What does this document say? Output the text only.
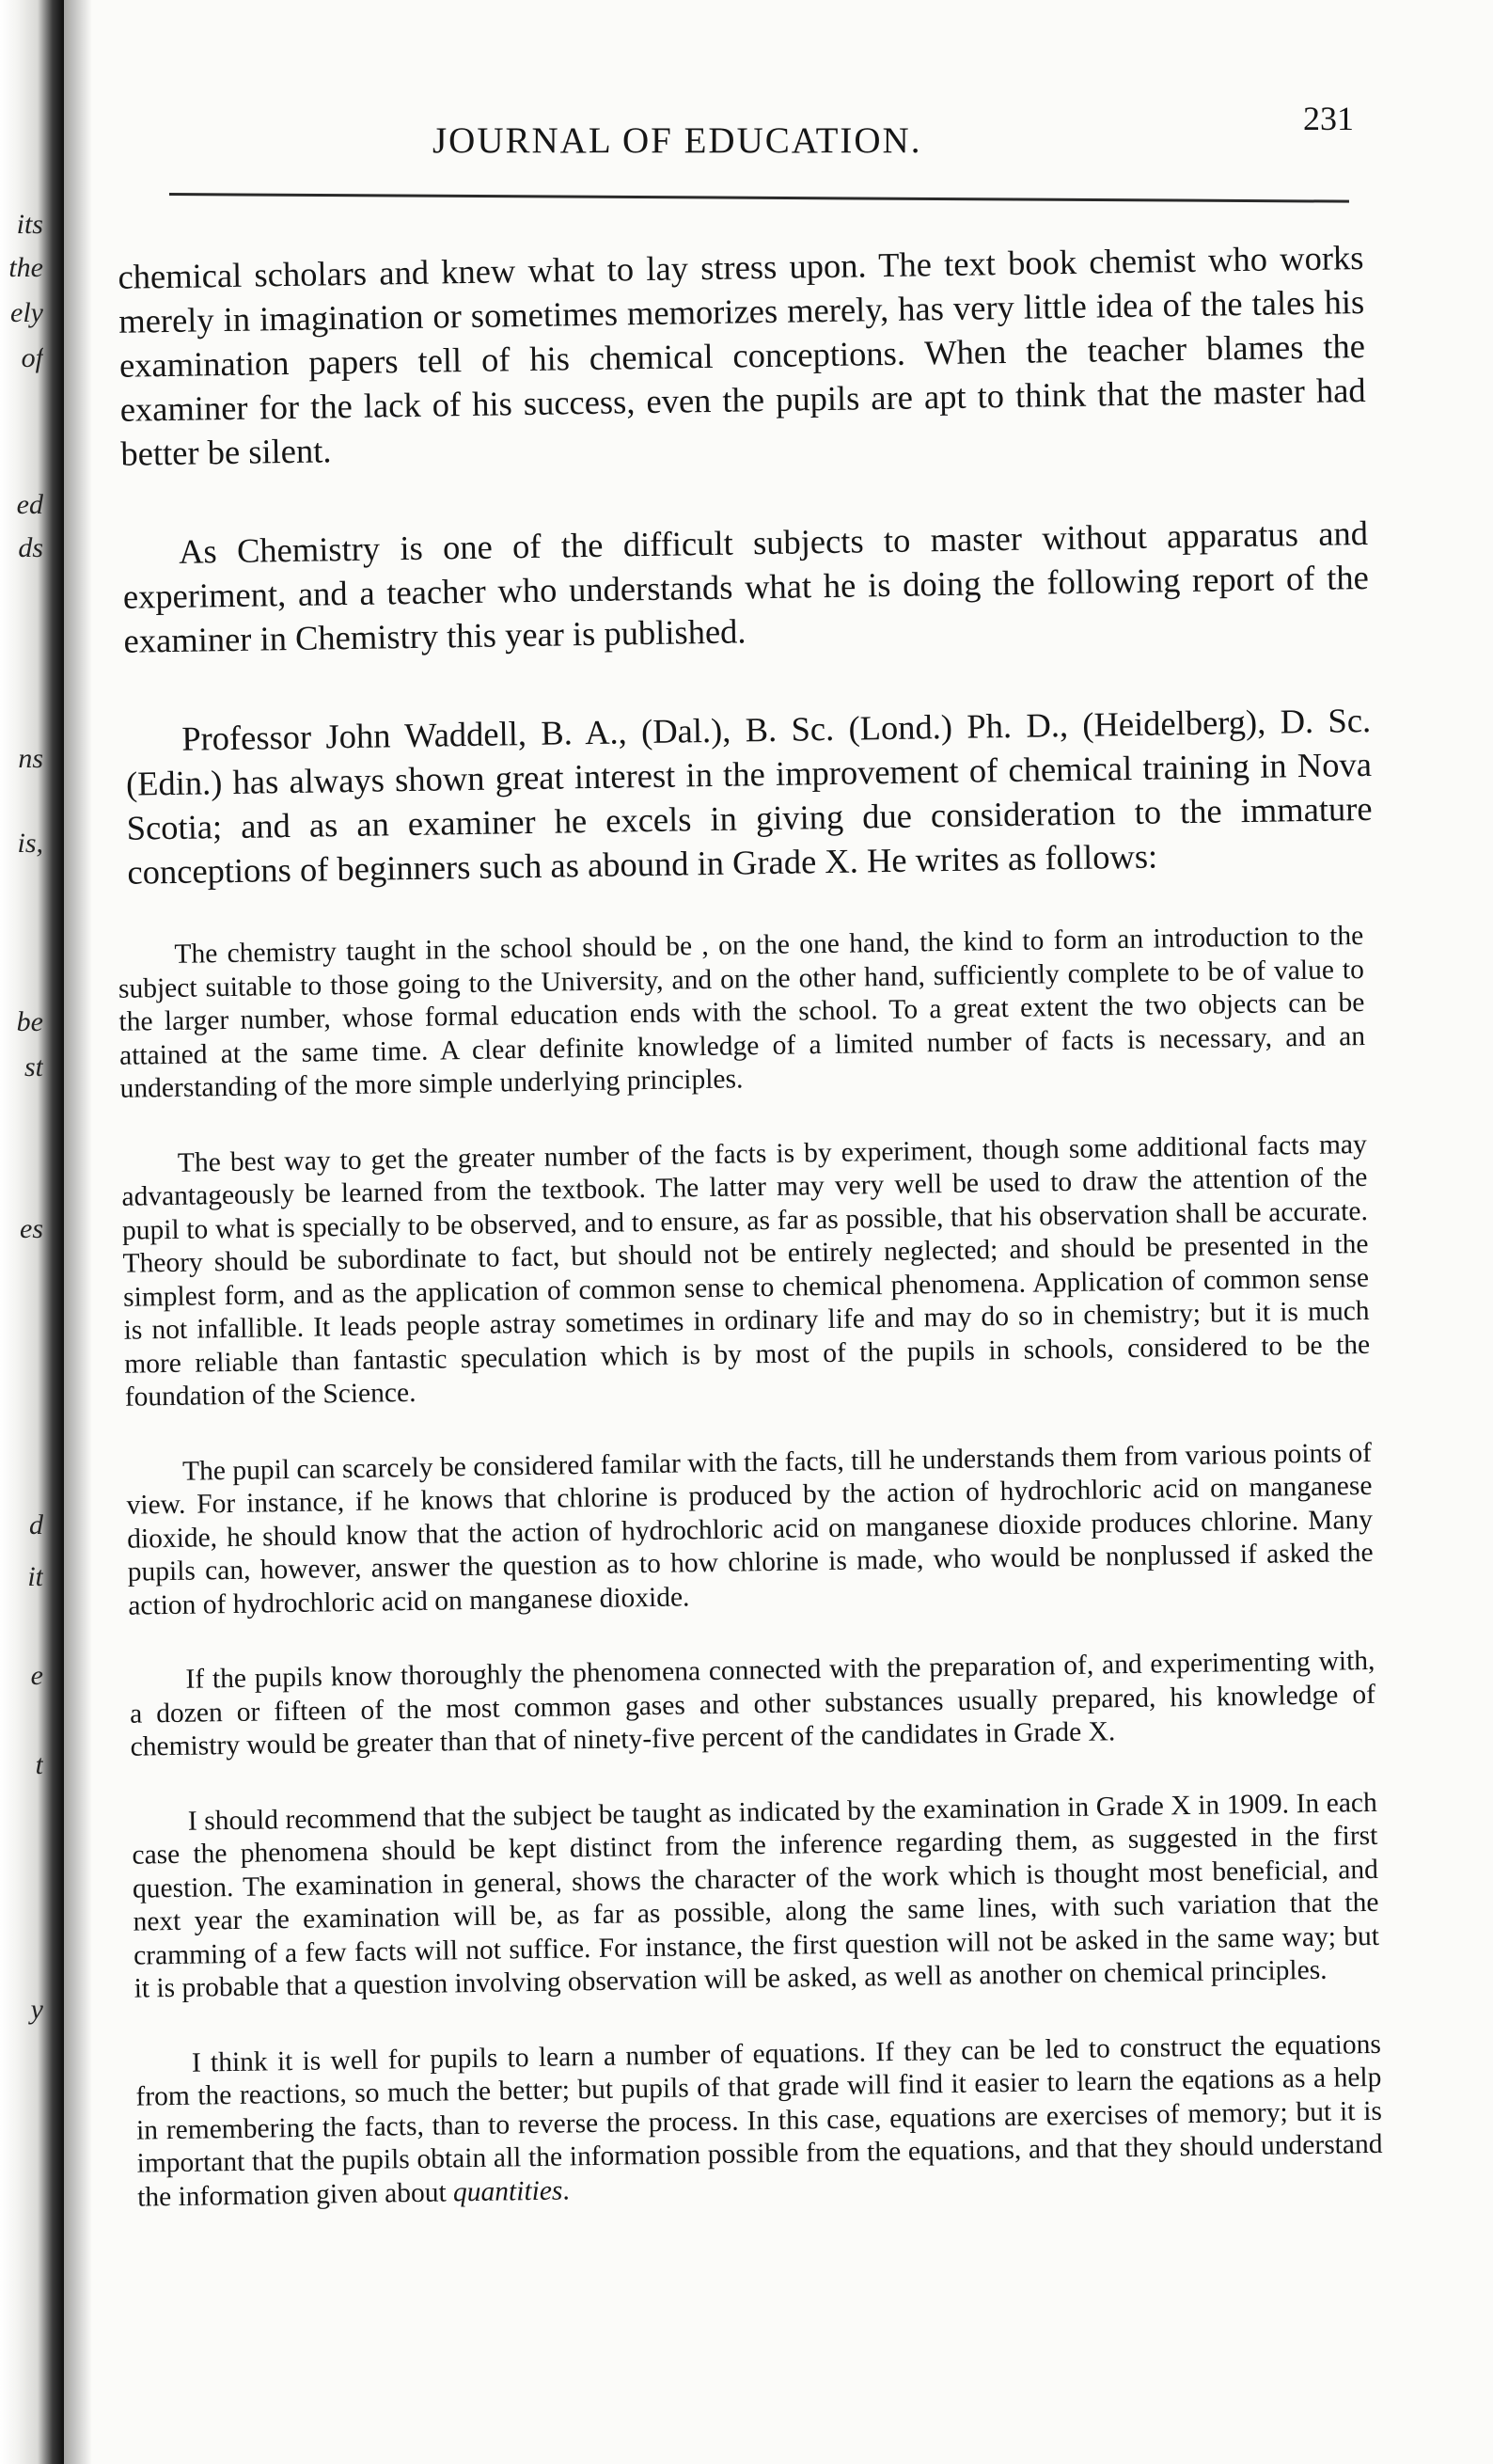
its
the
ely
of
ed
ds
ns
is,
be
st
es
d
it
e
t
y
JOURNAL OF EDUCATION.
231

chemical scholars and knew what to lay stress upon. The text book chemist who works merely in imagination or sometimes memorizes merely, has very little idea of the tales his examination papers tell of his chemical conceptions. When the teacher blames the examiner for the lack of his success, even the pupils are apt to think that the master had better be silent.

As Chemistry is one of the difficult subjects to master without apparatus and experiment, and a teacher who understands what he is doing the following report of the examiner in Chemistry this year is published.

Professor John Waddell, B. A., (Dal.), B. Sc. (Lond.) Ph. D., (Heidelberg), D. Sc. (Edin.) has always shown great interest in the improvement of chemical training in Nova Scotia; and as an examiner he excels in giving due consideration to the immature conceptions of beginners such as abound in Grade X. He writes as follows:

The chemistry taught in the school should be , on the one hand, the kind to form an introduction to the subject suitable to those going to the University, and on the other hand, sufficiently complete to be of value to the larger number, whose formal education ends with the school. To a great extent the two objects can be attained at the same time. A clear definite knowledge of a limited number of facts is necessary, and an understanding of the more simple underlying principles.

The best way to get the greater number of the facts is by experiment, though some additional facts may advantageously be learned from the textbook. The latter may very well be used to draw the attention of the pupil to what is specially to be observed, and to ensure, as far as possible, that his observation shall be accurate. Theory should be subordinate to fact, but should not be entirely neglected; and should be presented in the simplest form, and as the application of common sense to chemical phenomena. Application of common sense is not infallible. It leads people astray sometimes in ordinary life and may do so in chemistry; but it is much more reliable than fantastic speculation which is by most of the pupils in schools, considered to be the foundation of the Science.

The pupil can scarcely be considered familar with the facts, till he understands them from various points of view. For instance, if he knows that chlorine is produced by the action of hydrochloric acid on manganese dioxide, he should know that the action of hydrochloric acid on manganese dioxide produces chlorine. Many pupils can, however, answer the question as to how chlorine is made, who would be nonplussed if asked the action of hydrochloric acid on manganese dioxide.

If the pupils know thoroughly the phenomena connected with the preparation of, and experimenting with, a dozen or fifteen of the most common gases and other substances usually prepared, his knowledge of chemistry would be greater than that of ninety-five percent of the candidates in Grade X.

I should recommend that the subject be taught as indicated by the examination in Grade X in 1909. In each case the phenomena should be kept distinct from the inference regarding them, as suggested in the first question. The examination in general, shows the character of the work which is thought most beneficial, and next year the examination will be, as far as possible, along the same lines, with such variation that the cramming of a few facts will not suffice. For instance, the first question will not be asked in the same way; but it is probable that a question involving observation will be asked, as well as another on chemical principles.

I think it is well for pupils to learn a number of equations. If they can be led to construct the equations from the reactions, so much the better; but pupils of that grade will find it easier to learn the eqations as a help in remembering the facts, than to reverse the process. In this case, equations are exercises of memory; but it is important that the pupils obtain all the information possible from the equations, and that they should understand the information given about quantities.
